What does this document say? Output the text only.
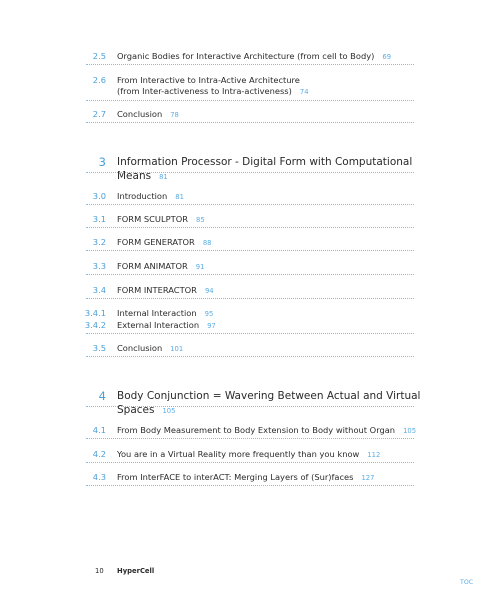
2.5 Organic Bodies for Interactive Architecture (from cell to Body) 69
2.6 From Interactive to Intra-Active Architecture (from Inter-activeness to Intra-activeness) 74
2.7 Conclusion 78
3 Information Processor - Digital Form with Computational Means 81
3.0 Introduction 81
3.1 FORM SCULPTOR 85
3.2 FORM GENERATOR 88
3.3 FORM ANIMATOR 91
3.4 FORM INTERACTOR 94
3.4.1 Internal Interaction 95
3.4.2 External Interaction 97
3.5 Conclusion 101
4 Body Conjunction = Wavering Between Actual and Virtual Spaces 105
4.1 From Body Measurement to Body Extension to Body without Organ 105
4.2 You are in a Virtual Reality more frequently than you know 112
4.3 From InterFACE to interACT: Merging Layers of (Sur)faces 127
10 HyperCell
TOC
